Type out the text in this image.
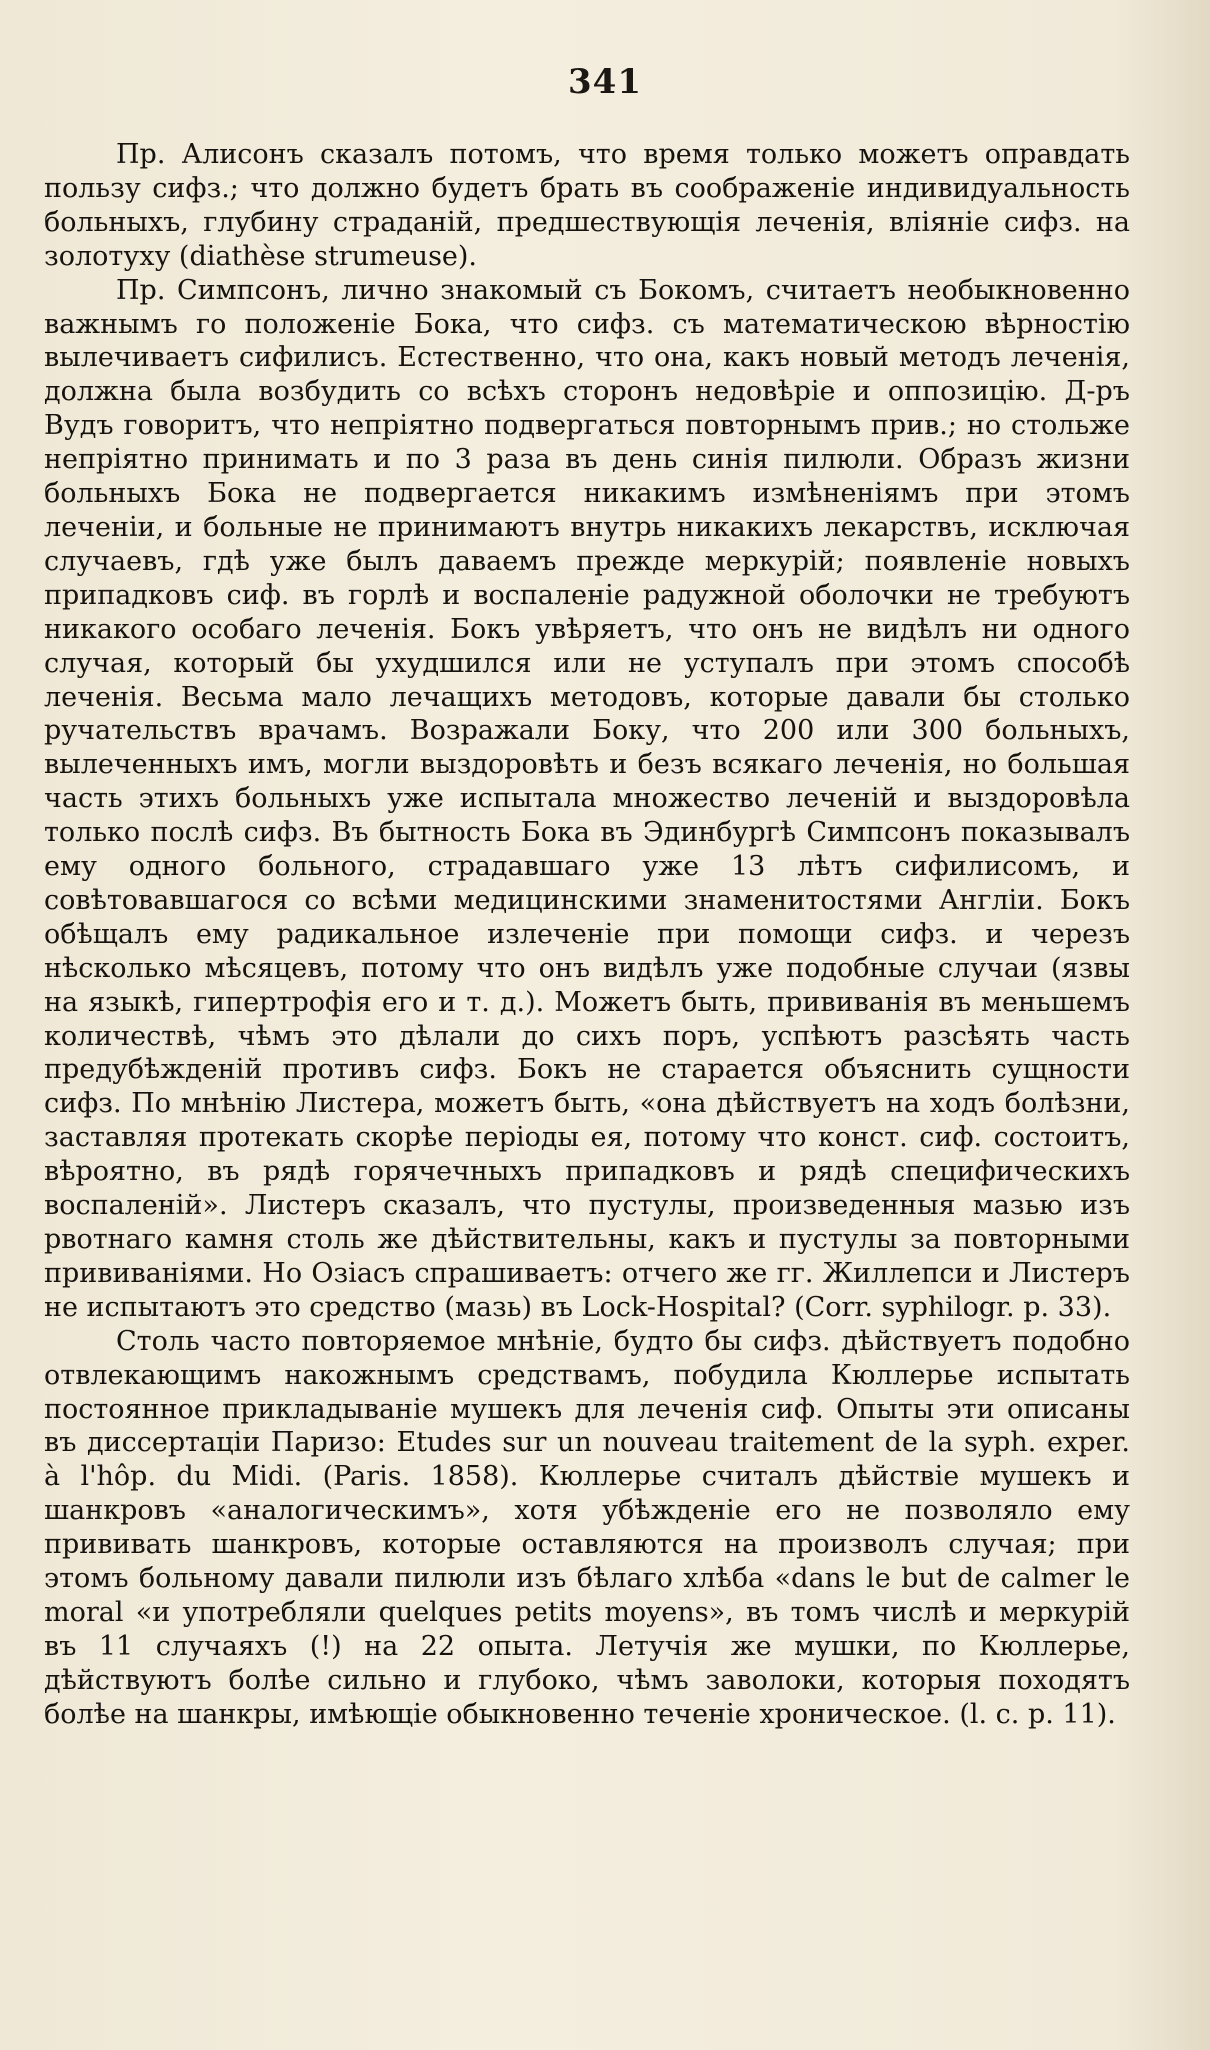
341

Пр. Алисонъ сказалъ потомъ, что время только можетъ оправдать пользу сифз.; что должно будетъ брать въ соображеніе индивидуальность больныхъ, глубину страданій, предшествующія леченія, вліяніе сифз. на золотуху (diathèse strumeuse).

Пр. Симпсонъ, лично знакомый съ Бокомъ, считаетъ необыкновенно важнымъ го положеніе Бока, что сифз. съ математическою вѣрностію вылечиваетъ сифилисъ. Естественно, что она, какъ новый методъ леченія, должна была возбудить со всѣхъ сторонъ недовѣріе и оппозицію. Д-ръ Вудъ говоритъ, что непріятно подвергаться повторнымъ прив.; но стольже непріятно принимать и по 3 раза въ день синія пилюли. Образъ жизни больныхъ Бока не подвергается никакимъ измѣненіямъ при этомъ леченіи, и больные не принимаютъ внутрь никакихъ лекарствъ, исключая случаевъ, гдѣ уже былъ даваемъ прежде меркурій; появленіе новыхъ припадковъ сиф. въ горлѣ и воспаленіе радужной оболочки не требуютъ никакого особаго леченія. Бокъ увѣряетъ, что онъ не видѣлъ ни одного случая, который бы ухудшился или не уступалъ при этомъ способѣ леченія. Весьма мало лечащихъ методовъ, которые давали бы столько ручательствъ врачамъ. Возражали Боку, что 200 или 300 больныхъ, вылеченныхъ имъ, могли выздоровѣть и безъ всякаго леченія, но большая часть этихъ больныхъ уже испытала множество леченій и выздоровѣла только послѣ сифз. Въ бытность Бока въ Эдинбургѣ Симпсонъ показывалъ ему одного больного, страдавшаго уже 13 лѣтъ сифилисомъ, и совѣтовавшагося со всѣми медицинскими знаменитостями Англіи. Бокъ обѣщалъ ему радикальное излеченіе при помощи сифз. и черезъ нѣсколько мѣсяцевъ, потому что онъ видѣлъ уже подобные случаи (язвы на языкѣ, гипертрофія его и т. д.). Можетъ быть, прививанія въ меньшемъ количествѣ, чѣмъ это дѣлали до сихъ поръ, успѣютъ разсѣять часть предубѣжденій противъ сифз. Бокъ не старается объяснить сущности сифз. По мнѣнію Листера, можетъ быть, «она дѣйствуетъ на ходъ болѣзни, заставляя протекать скорѣе періоды ея, потому что конст. сиф. состоитъ, вѣроятно, въ рядѣ горячечныхъ припадковъ и рядѣ специфическихъ воспаленій». Листеръ сказалъ, что пустулы, произведенныя мазью изъ рвотнаго камня столь же дѣйствительны, какъ и пустулы за повторными прививаніями. Но Озіасъ спрашиваетъ: отчего же гг. Жиллепси и Листеръ не испытаютъ это средство (мазь) въ Lock-Hospital? (Corr. syphilogr. p. 33).

Столь часто повторяемое мнѣніе, будто бы сифз. дѣйствуетъ подобно отвлекающимъ накожнымъ средствамъ, побудила Кюллерье испытать постоянное прикладываніе мушекъ для леченія сиф. Опыты эти описаны въ диссертаціи Паризо: Etudes sur un nouveau traitement de la syph. exper. à l'hôp. du Midi. (Paris. 1858). Кюллерье считалъ дѣйствіе мушекъ и шанкровъ «аналогическимъ», хотя убѣжденіе его не позволяло ему прививать шанкровъ, которые оставляются на произволъ случая; при этомъ больному давали пилюли изъ бѣлаго хлѣба «dans le but de calmer le moral «и употребляли quelques petits moyens», въ томъ числѣ и меркурій въ 11 случаяхъ (!) на 22 опыта. Летучія же мушки, по Кюллерье, дѣйствуютъ болѣе сильно и глубоко, чѣмъ заволоки, которыя походятъ болѣе на шанкры, имѣющіе обыкновенно теченіе хроническое. (l. c. p. 11).
